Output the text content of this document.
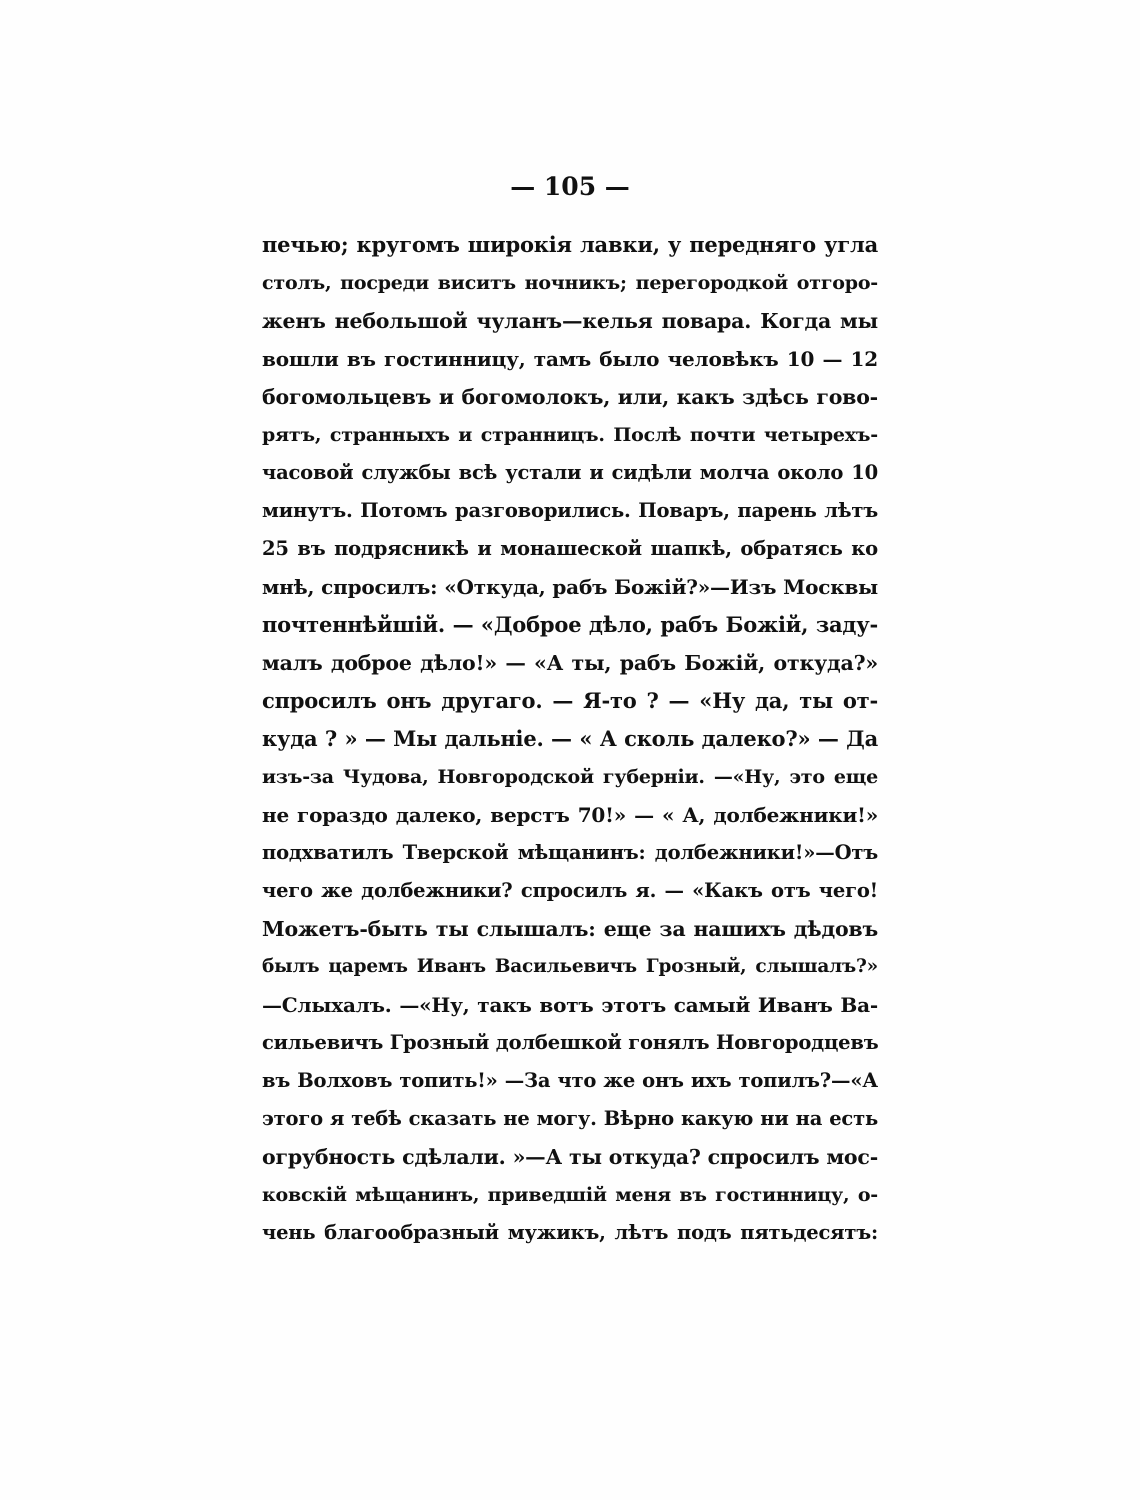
— 105 —
печью; кругомъ широкія лавки, у передняго угла
столъ, посреди виситъ ночникъ; перегородкой отгоро-
женъ небольшой чуланъ—келья повара. Когда мы
вошли въ гостинницу, тамъ было человѣкъ 10 — 12
богомольцевъ и богомолокъ, или, какъ здѣсь гово-
рятъ, странныхъ и странницъ. Послѣ почти четырехъ-
часовой службы всѣ устали и сидѣли молча около 10
минутъ. Потомъ разговорились. Поваръ, парень лѣтъ
25 въ подрясникѣ и монашеской шапкѣ, обратясь ко
мнѣ, спросилъ: «Откуда, рабъ Божій?»—Изъ Москвы
почтеннѣйшій. — «Доброе дѣло, рабъ Божій, заду-
малъ доброе дѣло!» — «А ты, рабъ Божій, откуда?»
спросилъ онъ другаго. — Я-то ? — «Ну да, ты от-
куда ? » — Мы дальніе. — « А сколь далеко?» — Да
изъ-за Чудова, Новгородской губерніи. —«Ну, это еще
не гораздо далеко, верстъ 70!» — « А, долбежники!»
подхватилъ Тверской мѣщанинъ: долбежники!»—Отъ
чего же долбежники? спросилъ я. — «Какъ отъ чего!
Можетъ-быть ты слышалъ: еще за нашихъ дѣдовъ
былъ царемъ Иванъ Васильевичъ Грозный, слышалъ?»
—Слыхалъ. —«Ну, такъ вотъ этотъ самый Иванъ Ва-
сильевичъ Грозный долбешкой гонялъ Новгородцевъ
въ Волховъ топить!» —За что же онъ ихъ топилъ?—«А
этого я тебѣ сказать не могу. Вѣрно какую ни на есть
огрубность сдѣлали. »—А ты откуда? спросилъ мос-
ковскій мѣщанинъ, приведшій меня въ гостинницу, о-
чень благообразный мужикъ, лѣтъ подъ пятьдесятъ:
